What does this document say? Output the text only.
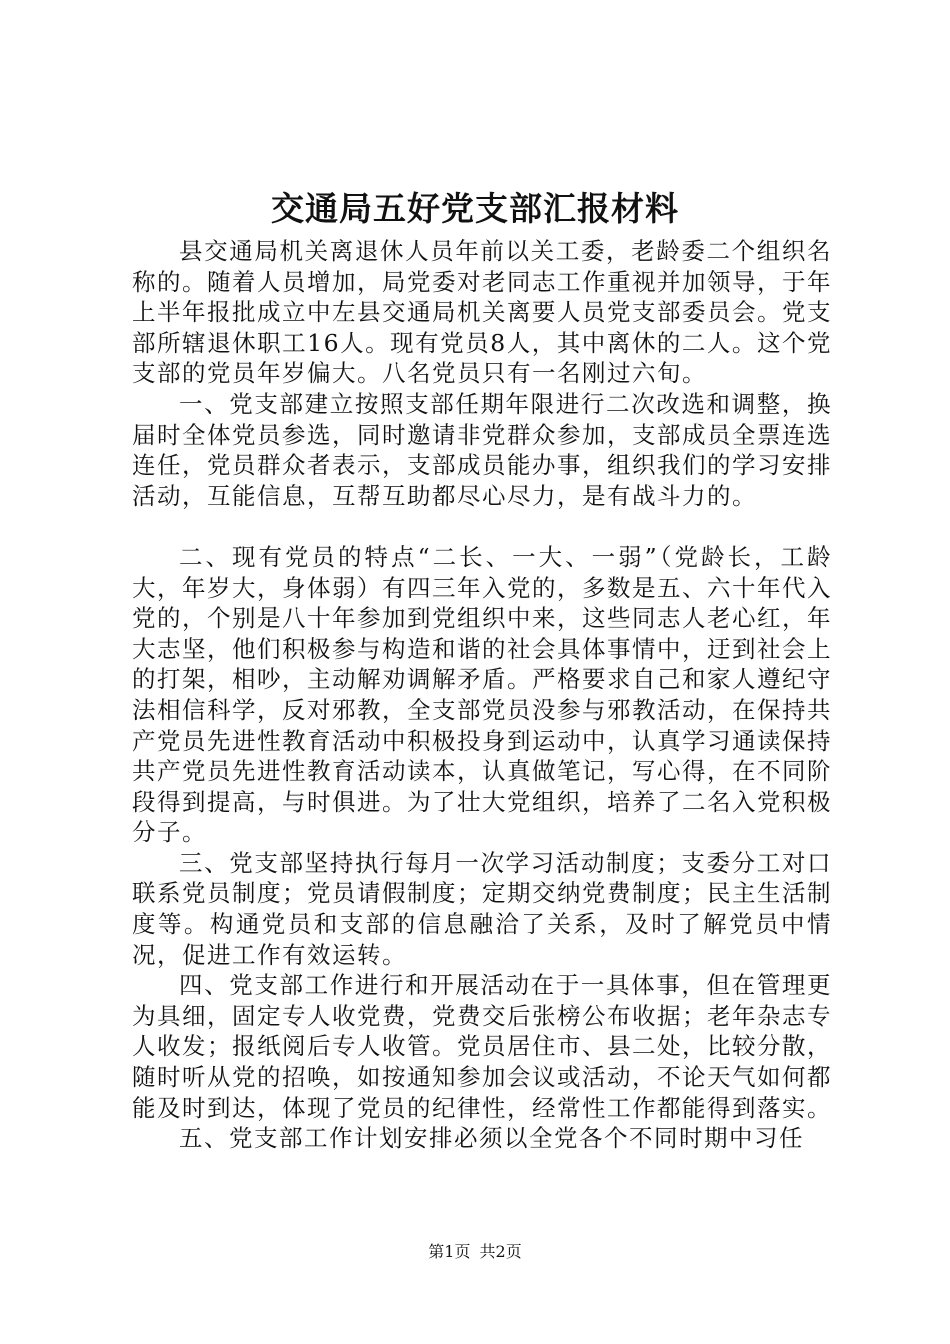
交通局五好党支部汇报材料

县交通局机关离退休人员年前以关工委，老龄委二个组织名称的。随着人员增加，局党委对老同志工作重视并加领导，于年上半年报批成立中左县交通局机关离要人员党支部委员会。党支部所辖退休职工16人。现有党员8人，其中离休的二人。这个党支部的党员年岁偏大。八名党员只有一名刚过六旬。

一、党支部建立按照支部任期年限进行二次改选和调整，换届时全体党员参选，同时邀请非党群众参加，支部成员全票连选连任，党员群众者表示，支部成员能办事，组织我们的学习安排活动，互能信息，互帮互助都尽心尽力，是有战斗力的。

二、现有党员的特点“二长、一大、一弱”（党龄长，工龄大，年岁大，身体弱）有四三年入党的，多数是五、六十年代入党的，个别是八十年参加到党组织中来，这些同志人老心红，年大志坚，他们积极参与构造和谐的社会具体事情中，迂到社会上的打架，相吵，主动解劝调解矛盾。严格要求自己和家人遵纪守法相信科学，反对邪教，全支部党员没参与邪教活动，在保持共产党员先进性教育活动中积极投身到运动中，认真学习通读保持共产党员先进性教育活动读本，认真做笔记，写心得，在不同阶段得到提高，与时俱进。为了壮大党组织，培养了二名入党积极分子。

三、党支部坚持执行每月一次学习活动制度；支委分工对口联系党员制度；党员请假制度；定期交纳党费制度；民主生活制度等。构通党员和支部的信息融洽了关系，及时了解党员中情况，促进工作有效运转。

四、党支部工作进行和开展活动在于一具体事，但在管理更为具细，固定专人收党费，党费交后张榜公布收据；老年杂志专人收发；报纸阅后专人收管。党员居住市、县二处，比较分散，随时听从党的招唤，如按通知参加会议或活动，不论天气如何都能及时到达，体现了党员的纪律性，经常性工作都能得到落实。

五、党支部工作计划安排必须以全党各个不同时期中习任

第1页 共2页
